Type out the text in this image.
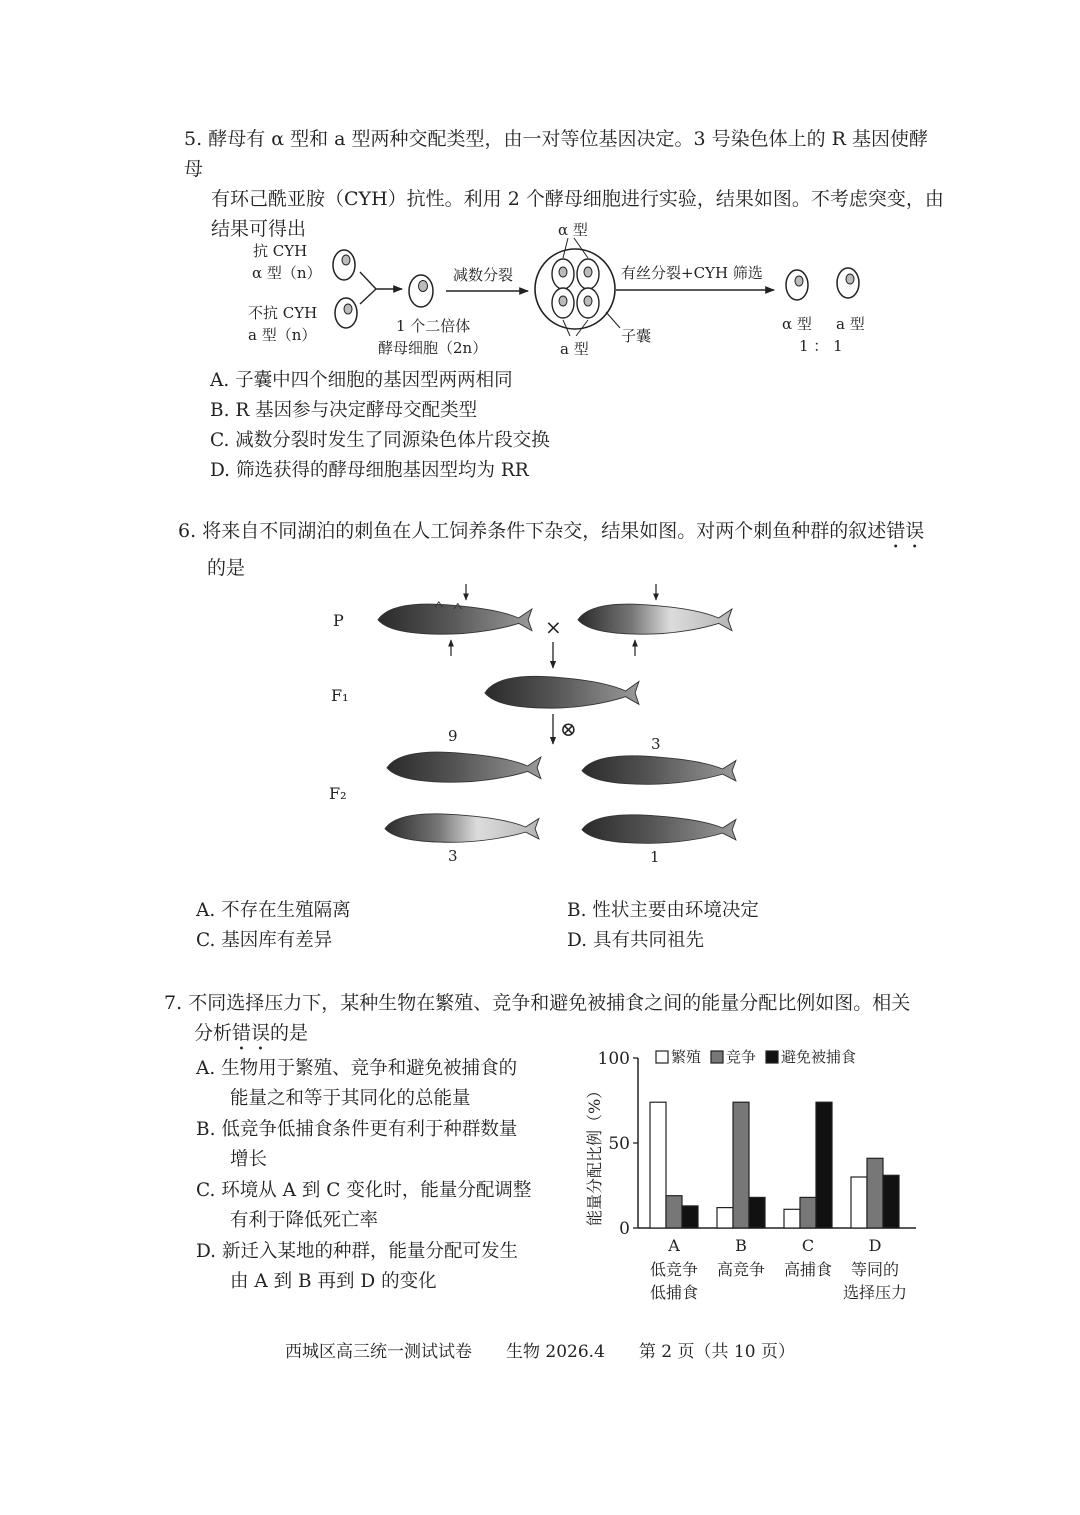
5. 酵母有 α 型和 a 型两种交配类型，由一对等位基因决定。3 号染色体上的 R 基因使酵母
有环己酰亚胺（CYH）抗性。利用 2 个酵母细胞进行实验，结果如图。不考虑突变，由
结果可得出
抗 CYH
α 型（n）
不抗 CYH
a 型（n）	1 个二倍体
酵母细胞（2n）
减数分裂
α 型
a 型
子囊
有丝分裂+CYH 筛选
α 型 a 型
1 ： 1
A. 子囊中四个细胞的基因型两两相同
B. R 基因参与决定酵母交配类型
C. 减数分裂时发生了同源染色体片段交换
D. 筛选获得的酵母细胞基因型均为 RR
6. 将来自不同湖泊的刺鱼在人工饲养条件下杂交，结果如图。对两个刺鱼种群的叙述错误
的是
P
F₁
F₂
×
⊗
9	3
3	1
A. 不存在生殖隔离	B. 性状主要由环境决定
C. 基因库有差异	D. 具有共同祖先
7. 不同选择压力下，某种生物在繁殖、竞争和避免被捕食之间的能量分配比例如图。相关
分析错误的是
A. 生物用于繁殖、竞争和避免被捕食的
能量之和等于其同化的总能量
B. 低竞争低捕食条件更有利于种群数量
增长
C. 环境从 A 到 C 变化时，能量分配调整
有利于降低死亡率
D. 新迁入某地的种群，能量分配可发生
由 A 到 B 再到 D 的变化
0
50
100
能量分配比例（%）
繁殖 竞争 避免被捕食
A
低竞争
低捕食
B
高竞争
C
高捕食
D
等同的
选择压力
西城区高三统一测试试卷　　生物 2026.4　　第 2 页（共 10 页）
